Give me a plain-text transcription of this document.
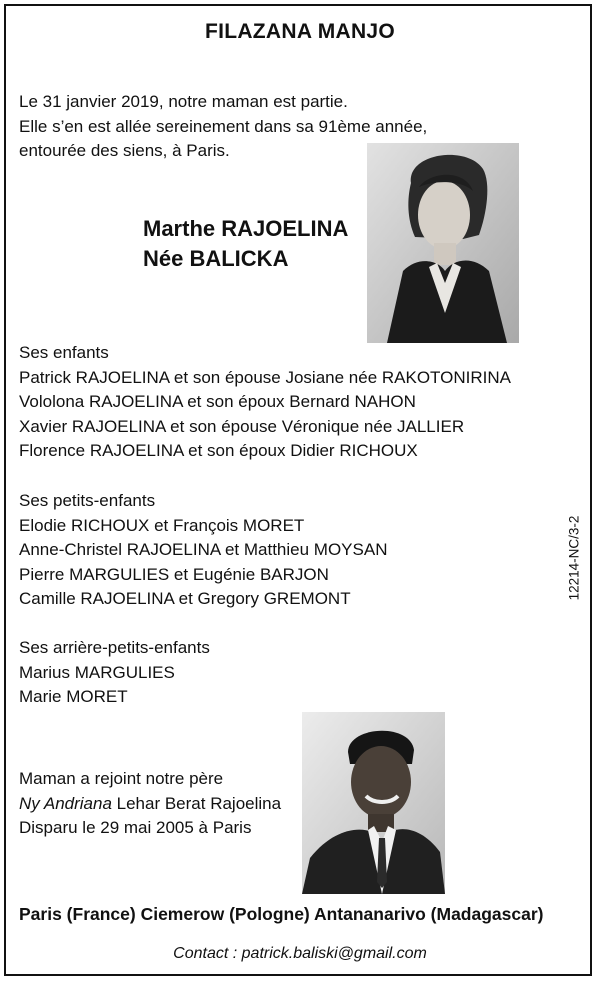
FILAZANA MANJO
Le 31 janvier 2019, notre maman est partie.
Elle s’en est allée sereinement dans sa 91ème année,
entourée des siens, à Paris.
Marthe RAJOELINA
Née BALICKA
Ses enfants
Patrick RAJOELINA et son épouse Josiane née RAKOTONIRINA
Vololona RAJOELINA et son époux Bernard NAHON
Xavier RAJOELINA et son épouse Véronique née JALLIER
Florence RAJOELINA et son époux Didier RICHOUX
Ses petits-enfants
Elodie RICHOUX et François MORET
Anne-Christel RAJOELINA et Matthieu MOYSAN
Pierre MARGULIES et Eugénie BARJON
Camille RAJOELINA et Gregory GREMONT	12214-NC/3-2
Ses arrière-petits-enfants
Marius MARGULIES
Marie MORET
Maman a rejoint notre père
Ny Andriana Lehar Berat Rajoelina
Disparu le 29 mai 2005 à Paris
Paris (France) Ciemerow (Pologne) Antananarivo (Madagascar)
Contact : patrick.baliski@gmail.com
